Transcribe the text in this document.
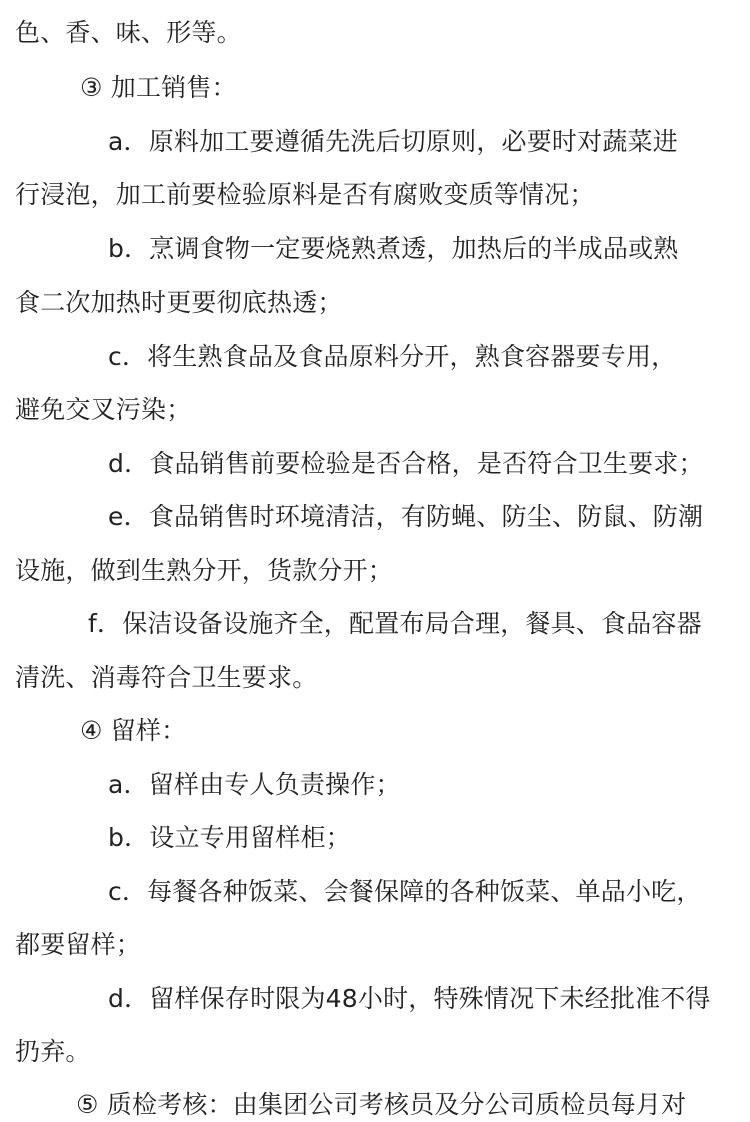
色、香、味、形等。
③ 加工销售：
a．原料加工要遵循先洗后切原则，必要时对蔬菜进
行浸泡，加工前要检验原料是否有腐败变质等情况；
b．烹调食物一定要烧熟煮透，加热后的半成品或熟
食二次加热时更要彻底热透；
c．将生熟食品及食品原料分开，熟食容器要专用，
避免交叉污染；
d．食品销售前要检验是否合格，是否符合卫生要求；
e．食品销售时环境清洁，有防蝇、防尘、防鼠、防潮
设施，做到生熟分开，货款分开；
f．保洁设备设施齐全，配置布局合理，餐具、食品容器
清洗、消毒符合卫生要求。
④ 留样：
a．留样由专人负责操作；
b．设立专用留样柜；
c．每餐各种饭菜、会餐保障的各种饭菜、单品小吃，
都要留样；
d．留样保存时限为48小时，特殊情况下未经批准不得
扔弃。
⑤ 质检考核：由集团公司考核员及分公司质检员每月对
